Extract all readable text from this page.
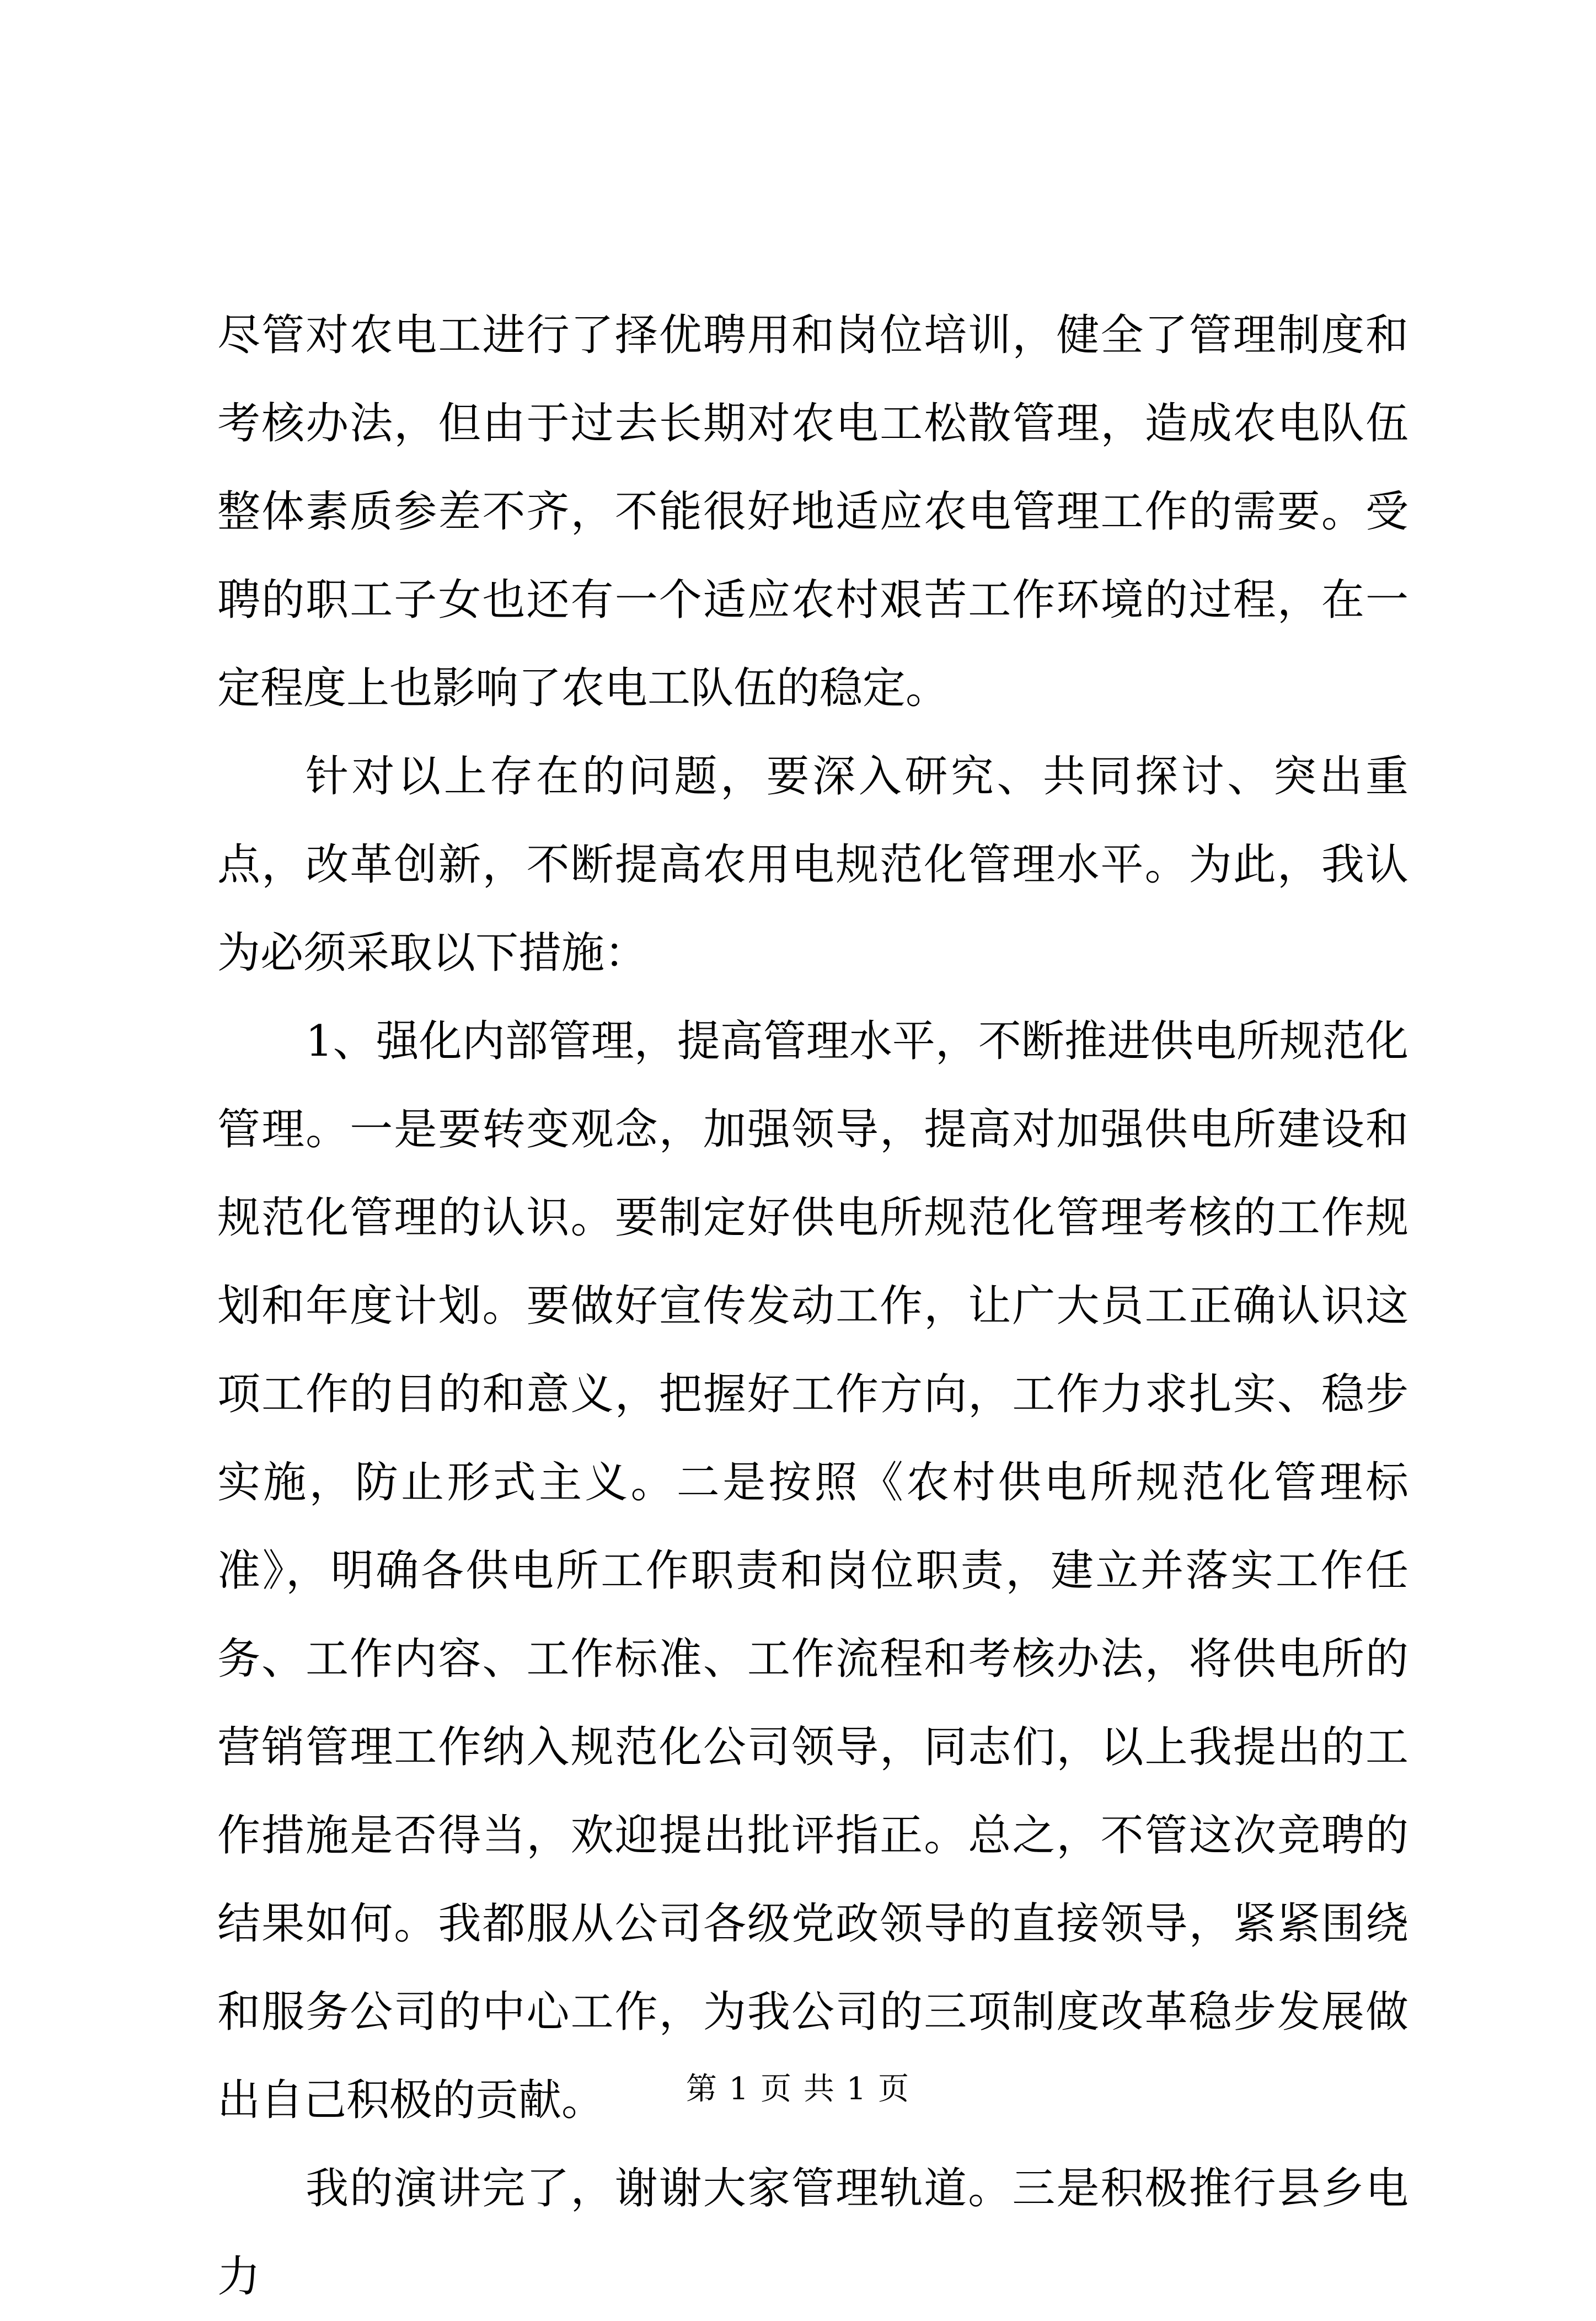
尽管对农电工进行了择优聘用和岗位培训，健全了管理制度和考核办法，但由于过去长期对农电工松散管理，造成农电队伍整体素质参差不齐，不能很好地适应农电管理工作的需要。受聘的职工子女也还有一个适应农村艰苦工作环境的过程，在一定程度上也影响了农电工队伍的稳定。

针对以上存在的问题，要深入研究、共同探讨、突出重点，改革创新，不断提高农用电规范化管理水平。为此，我认为必须采取以下措施：

1、强化内部管理，提高管理水平，不断推进供电所规范化管理。一是要转变观念，加强领导，提高对加强供电所建设和规范化管理的认识。要制定好供电所规范化管理考核的工作规划和年度计划。要做好宣传发动工作，让广大员工正确认识这项工作的目的和意义，把握好工作方向，工作力求扎实、稳步实施，防止形式主义。二是按照《农村供电所规范化管理标准》，明确各供电所工作职责和岗位职责，建立并落实工作任务、工作内容、工作标准、工作流程和考核办法，将供电所的营销管理工作纳入规范化公司领导，同志们，以上我提出的工作措施是否得当，欢迎提出批评指正。总之，不管这次竞聘的结果如何。我都服从公司各级党政领导的直接领导，紧紧围绕和服务公司的中心工作，为我公司的三项制度改革稳步发展做出自己积极的贡献。

我的演讲完了，谢谢大家管理轨道。三是积极推行县乡电力

第 1 页 共 1 页
